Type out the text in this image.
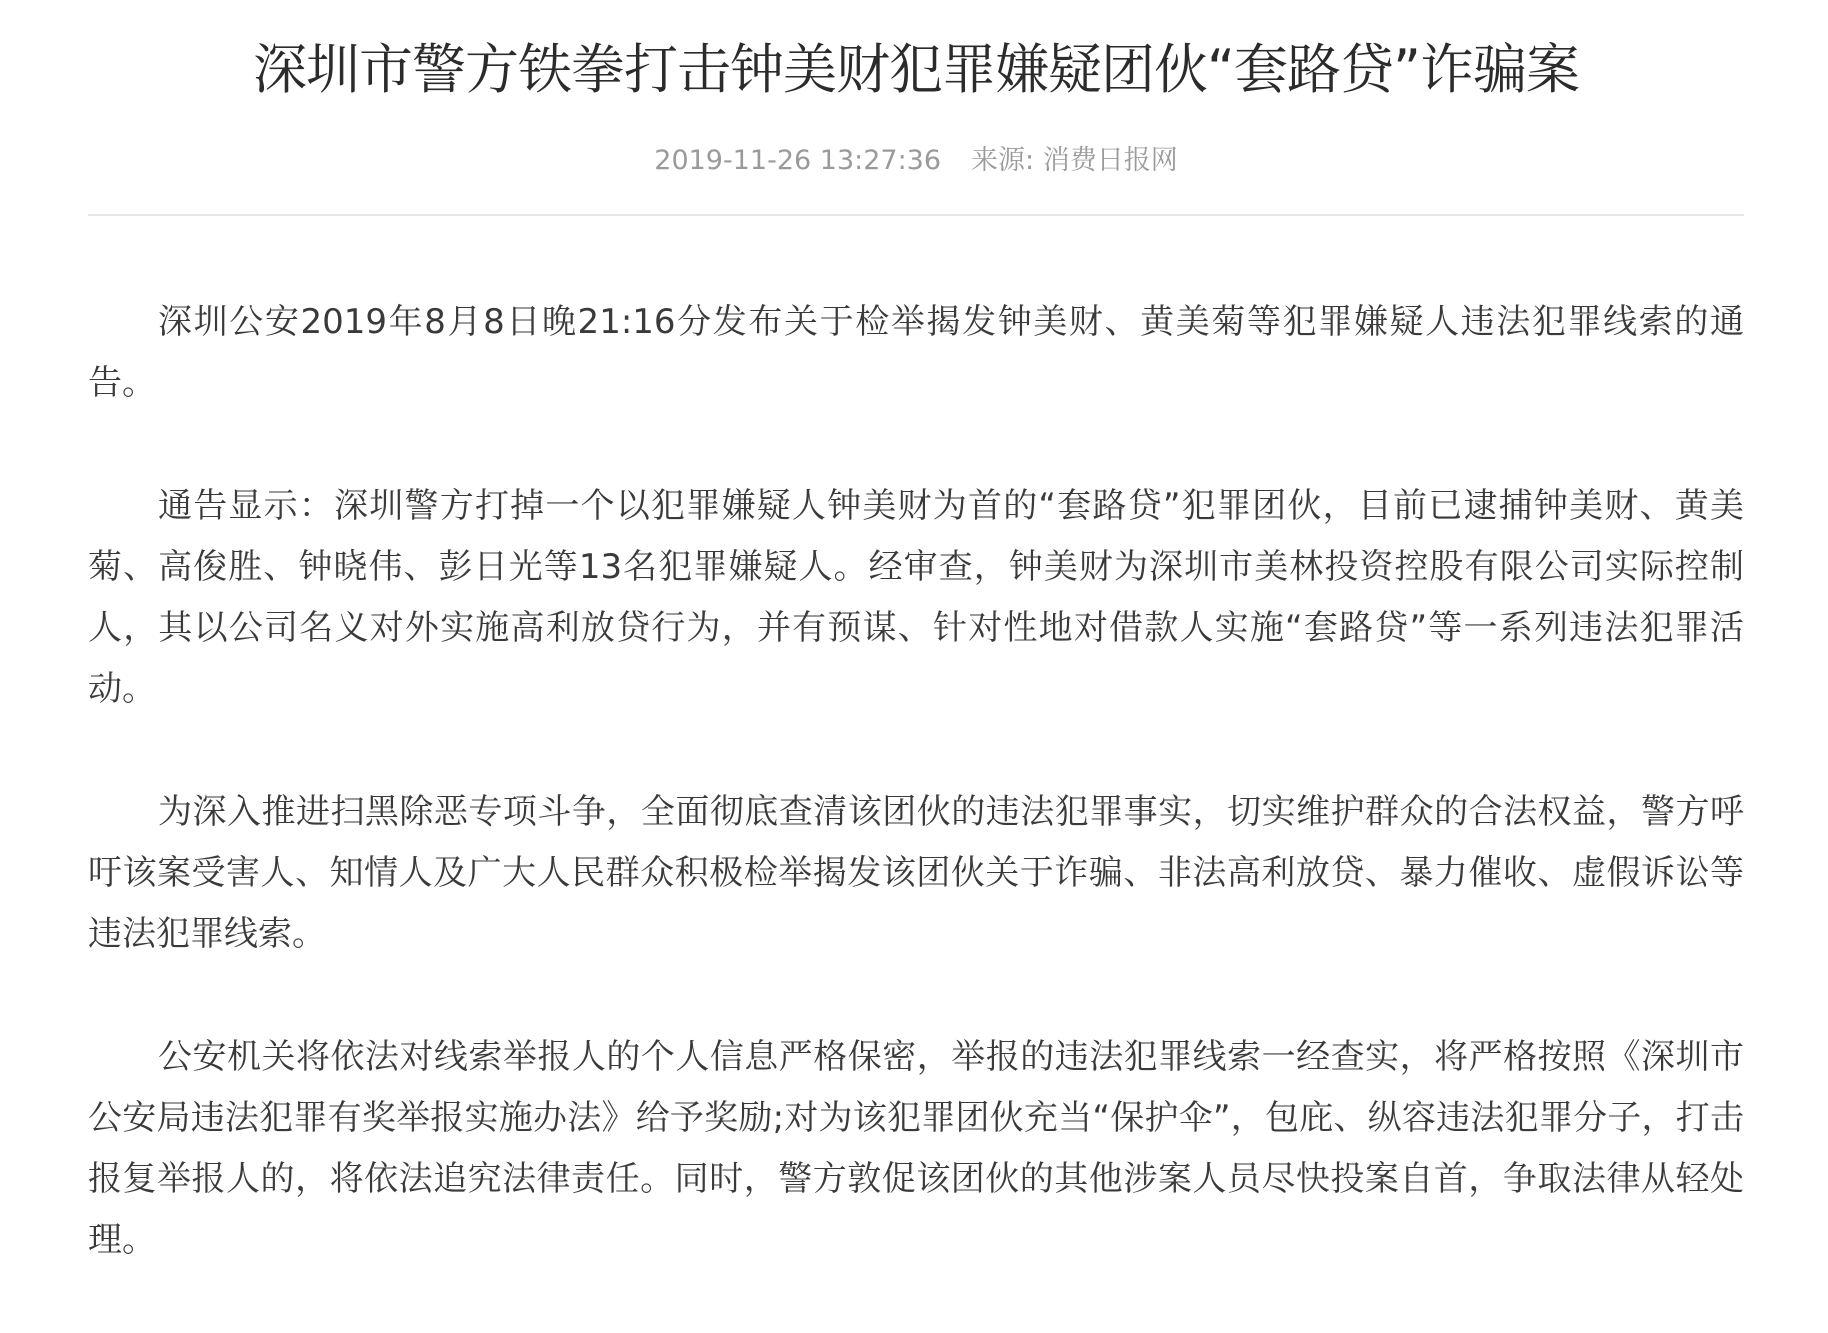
深圳市警方铁拳打击钟美财犯罪嫌疑团伙“套路贷”诈骗案
2019-11-26 13:27:36 来源: 消费日报网

深圳公安2019年8月8日晚21:16分发布关于检举揭发钟美财、黄美菊等犯罪嫌疑人违法犯罪线索的通告。

通告显示：深圳警方打掉一个以犯罪嫌疑人钟美财为首的“套路贷”犯罪团伙，目前已逮捕钟美财、黄美菊、高俊胜、钟晓伟、彭日光等13名犯罪嫌疑人。经审查，钟美财为深圳市美林投资控股有限公司实际控制人，其以公司名义对外实施高利放贷行为，并有预谋、针对性地对借款人实施“套路贷”等一系列违法犯罪活动。

为深入推进扫黑除恶专项斗争，全面彻底查清该团伙的违法犯罪事实，切实维护群众的合法权益，警方呼吁该案受害人、知情人及广大人民群众积极检举揭发该团伙关于诈骗、非法高利放贷、暴力催收、虚假诉讼等违法犯罪线索。

公安机关将依法对线索举报人的个人信息严格保密，举报的违法犯罪线索一经查实，将严格按照《深圳市公安局违法犯罪有奖举报实施办法》给予奖励;对为该犯罪团伙充当“保护伞”，包庇、纵容违法犯罪分子，打击报复举报人的，将依法追究法律责任。同时，警方敦促该团伙的其他涉案人员尽快投案自首，争取法律从轻处理。
